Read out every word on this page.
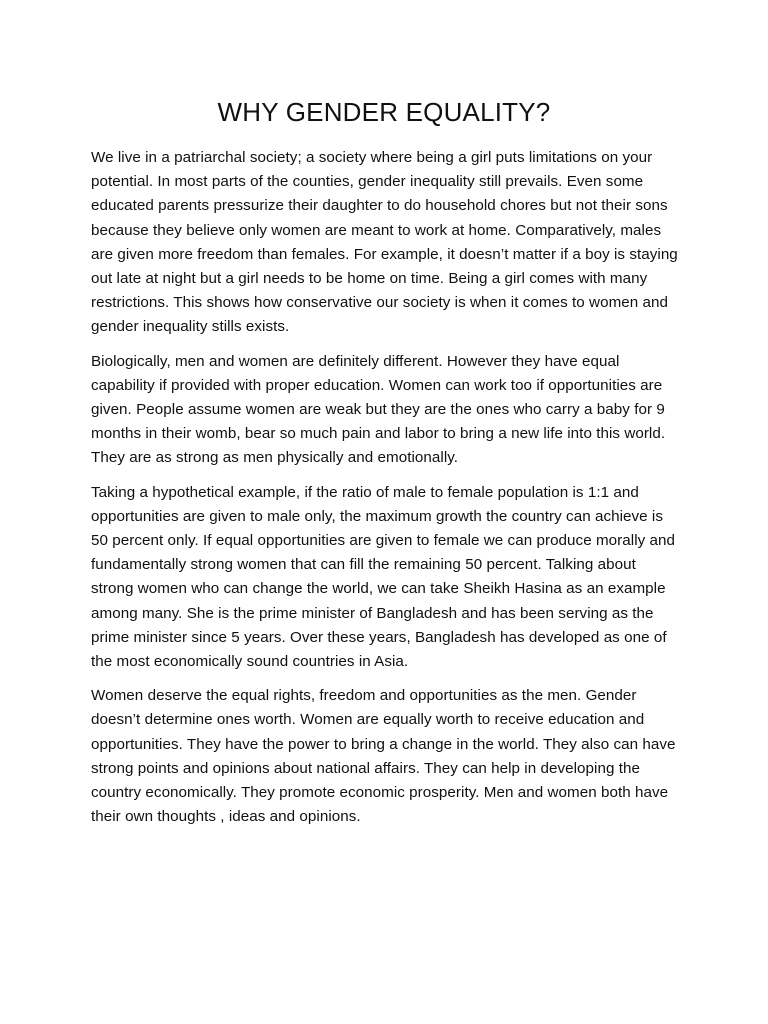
WHY GENDER EQUALITY?

We live in a patriarchal society; a society where being a girl puts limitations on your potential. In most parts of the counties, gender inequality still prevails. Even some educated parents pressurize their daughter to do household chores but not their sons because they believe only women are meant to work at home. Comparatively, males are given more freedom than females. For example, it doesn’t matter if a boy is staying out late at night but a girl needs to be home on time. Being a girl comes with many restrictions. This shows how conservative our society is when it comes to women and gender inequality stills exists.

Biologically, men and women are definitely different. However they have equal capability if provided with proper education. Women can work too if opportunities are given. People assume women are weak but they are the ones who carry a baby for 9 months in their womb, bear so much pain and labor to bring a new life into this world. They are as strong as men physically and emotionally.

Taking a hypothetical example, if the ratio of male to female population is 1:1 and opportunities are given to male only, the maximum growth the country can achieve is 50 percent only. If equal opportunities are given to female we can produce morally and fundamentally strong women that can fill the remaining 50 percent. Talking about strong women who can change the world, we can take Sheikh Hasina as an example among many. She is the prime minister of Bangladesh and has been serving as the prime minister since 5 years. Over these years, Bangladesh has developed as one of the most economically sound countries in Asia.

Women deserve the equal rights, freedom and opportunities as the men. Gender doesn’t determine ones worth. Women are equally worth to receive education and opportunities. They have the power to bring a change in the world. They also can have strong points and opinions about national affairs. They can help in developing the country economically. They promote economic prosperity. Men and women both have their own thoughts , ideas and opinions.
